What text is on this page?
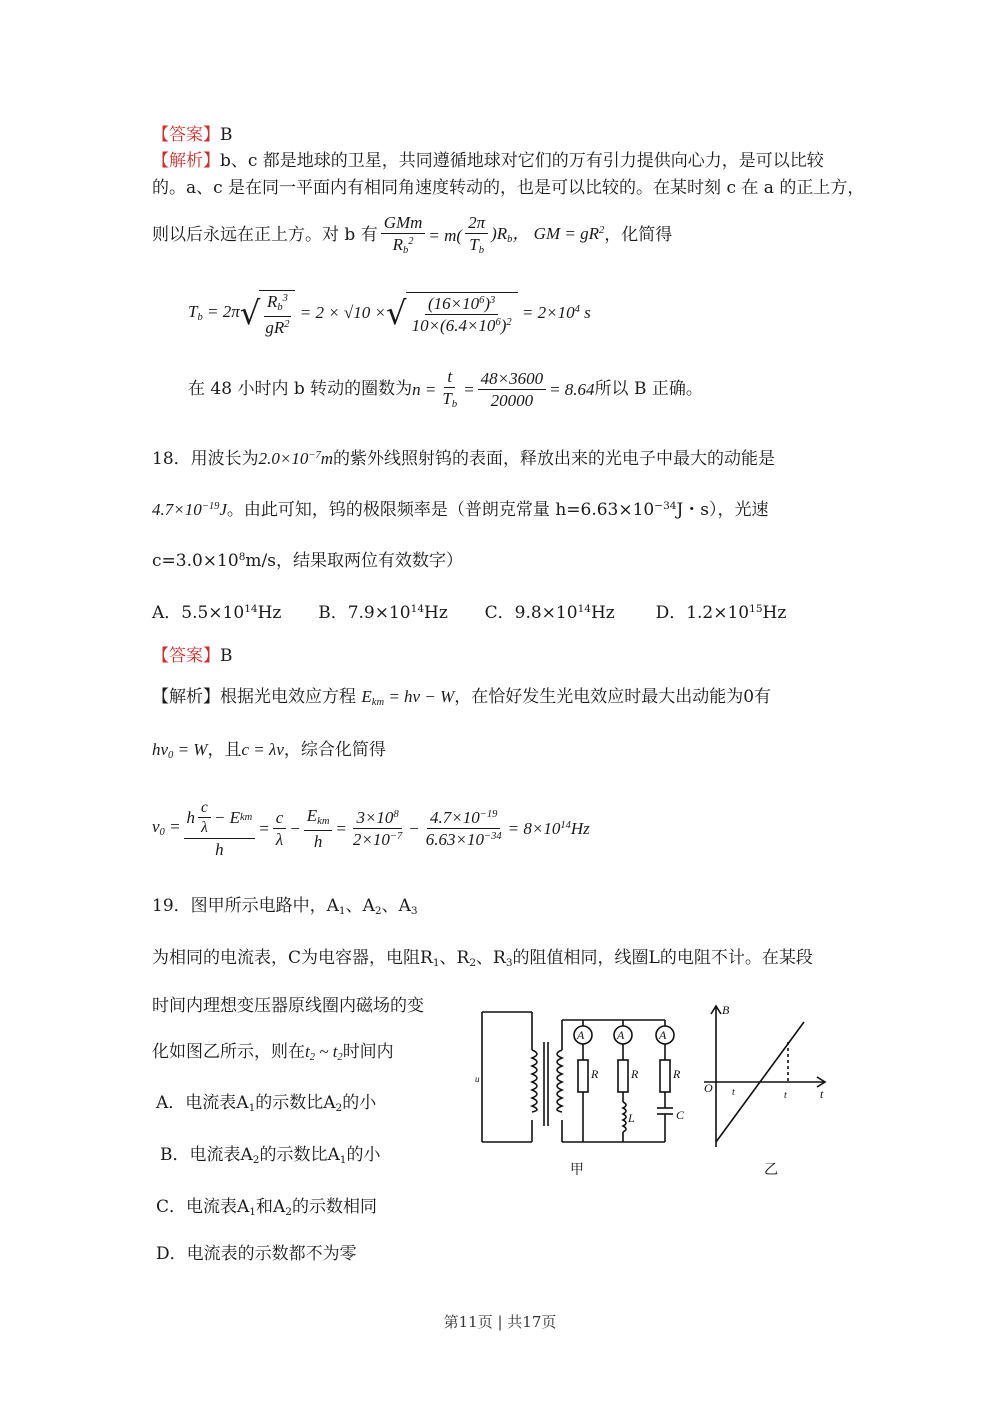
【答案】B
【解析】b、c 都是地球的卫星，共同遵循地球对它们的万有引力提供向心力，是可以比较
的。a、c 是在同一平面内有相同角速度转动的，也是可以比较的。在某时刻 c 在 a 的正上方，
则以后永远在正上方。对 b 有 $\frac{\text{GMm}}{R_b^2} = m( \frac{2\pi}{T_b} )R_b$， GM = $gR^2$ ，化简得
$T_b = 2\pi$ √ $\frac{R_b^3}{gR^2} = 2 \times √10$ × √ $\frac{(16\times 10^6)^3}{10\times(6.4\times 10^6)^2} = 2\times 10^4$ s
在 48 小时内 b 转动的圈数为 $n = \frac{t}{T_b} = \frac{48\times 3600}{20000} = 8.64$ 所以 B 正确。
18．用波长为$2.0\times 10^{-7}m$的紫外线照射钨的表面，释放出来的光电子中最大的动能是
$4.7\times 10^{-19}J$。由此可知，钨的极限频率是（普朗克常量 $h=6.63\times 10^{-34}J$・s），光速
$c=3.0\times 10^8m/s$，结果取两位有效数字）
A．$5.5\times 10^{14}Hz$ B．$7.9\times 10^{14}Hz$ C．$9.8\times 10^{14}Hz$ D．$1.2\times 10^{15}Hz$
【答案】B
【解析】根据光电效应方程 $E_{km} = h\nu - W$，在恰好发生光电效应时最大出动能为0有
$h\nu_0 = W$，且c = λν，综合化简得
$\nu_0 = \frac{h \frac{c}{\lambda} - E km}{h} = \frac{c}{\lambda} - \frac{E_{km}}{h} = \frac{3\times 10^8}{2\times 10^{-7}} - \frac{4.7\times 10^{-19}}{6.63\times 10^{-34}} = 8\times 10^{14}Hz$
19．图甲所示电路中，$A_1$、$A_2$、$A_3$
为相同的电流表，C为电容器，电阻$R_1$、$R_2$、$R_3$的阻值相同，线圈L的电阻不计。在某段
时间内理想变压器原线圈内磁场的变
化如图乙所示，则在$t_2$ ~ $t_2$时间内
A．电流表$A_1$的示数比$A_2$的小
B．电流表$A_2$的示数比$A_1$的小
C．电流表$A_1$和$A_2$的示数相同
D．电流表的示数都不为零
A	A	A
R	R	R
L	C
u
甲
B
O	t
t
t
乙
第11页 | 共17页
